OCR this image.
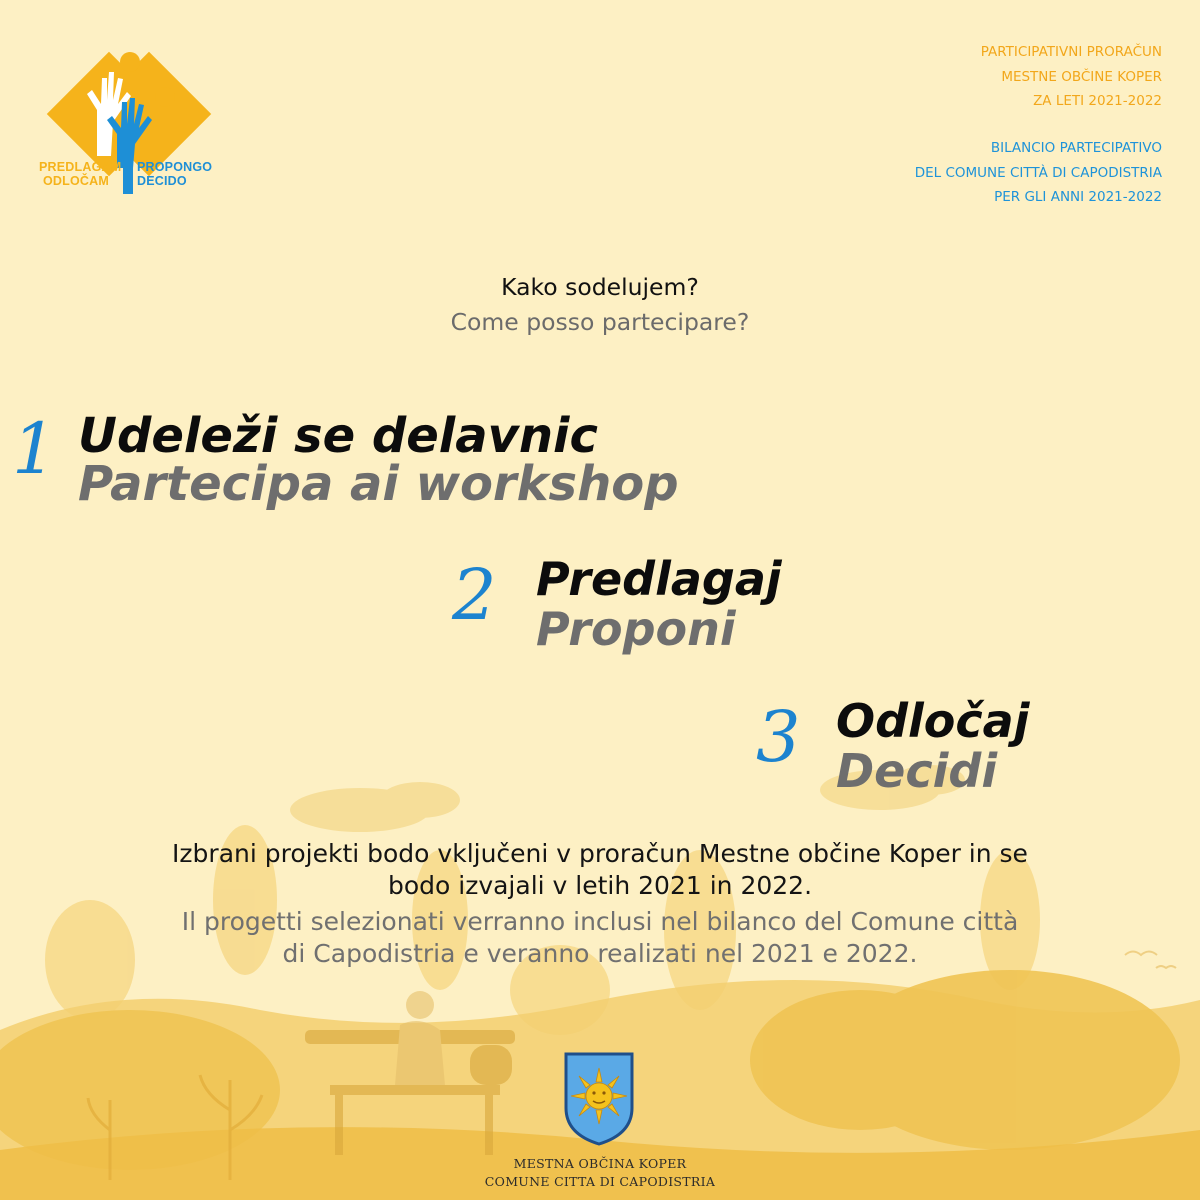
PREDLAGAM
ODLOČAM
PROPONGO
DECIDO
PARTICIPATIVNI PRORAČUN
MESTNE OBČINE KOPER
ZA LETI 2021-2022
BILANCIO PARTECIPATIVO
DEL COMUNE CITTÀ DI CAPODISTRIA
PER GLI ANNI 2021-2022
Kako sodelujem?
Come posso partecipare?
1 Udeleži se delavnic
Partecipa ai workshop
2 Predlagaj
Proponi
3 Odločaj
Decidi
Izbrani projekti bodo vključeni v proračun Mestne občine Koper in se
bodo izvajali v letih 2021 in 2022.
Il progetti selezionati verranno inclusi nel bilanco del Comune città
di Capodistria e veranno realizati nel 2021 e 2022.
MESTNA OBČINA KOPER
COMUNE CITTA DI CAPODISTRIA
